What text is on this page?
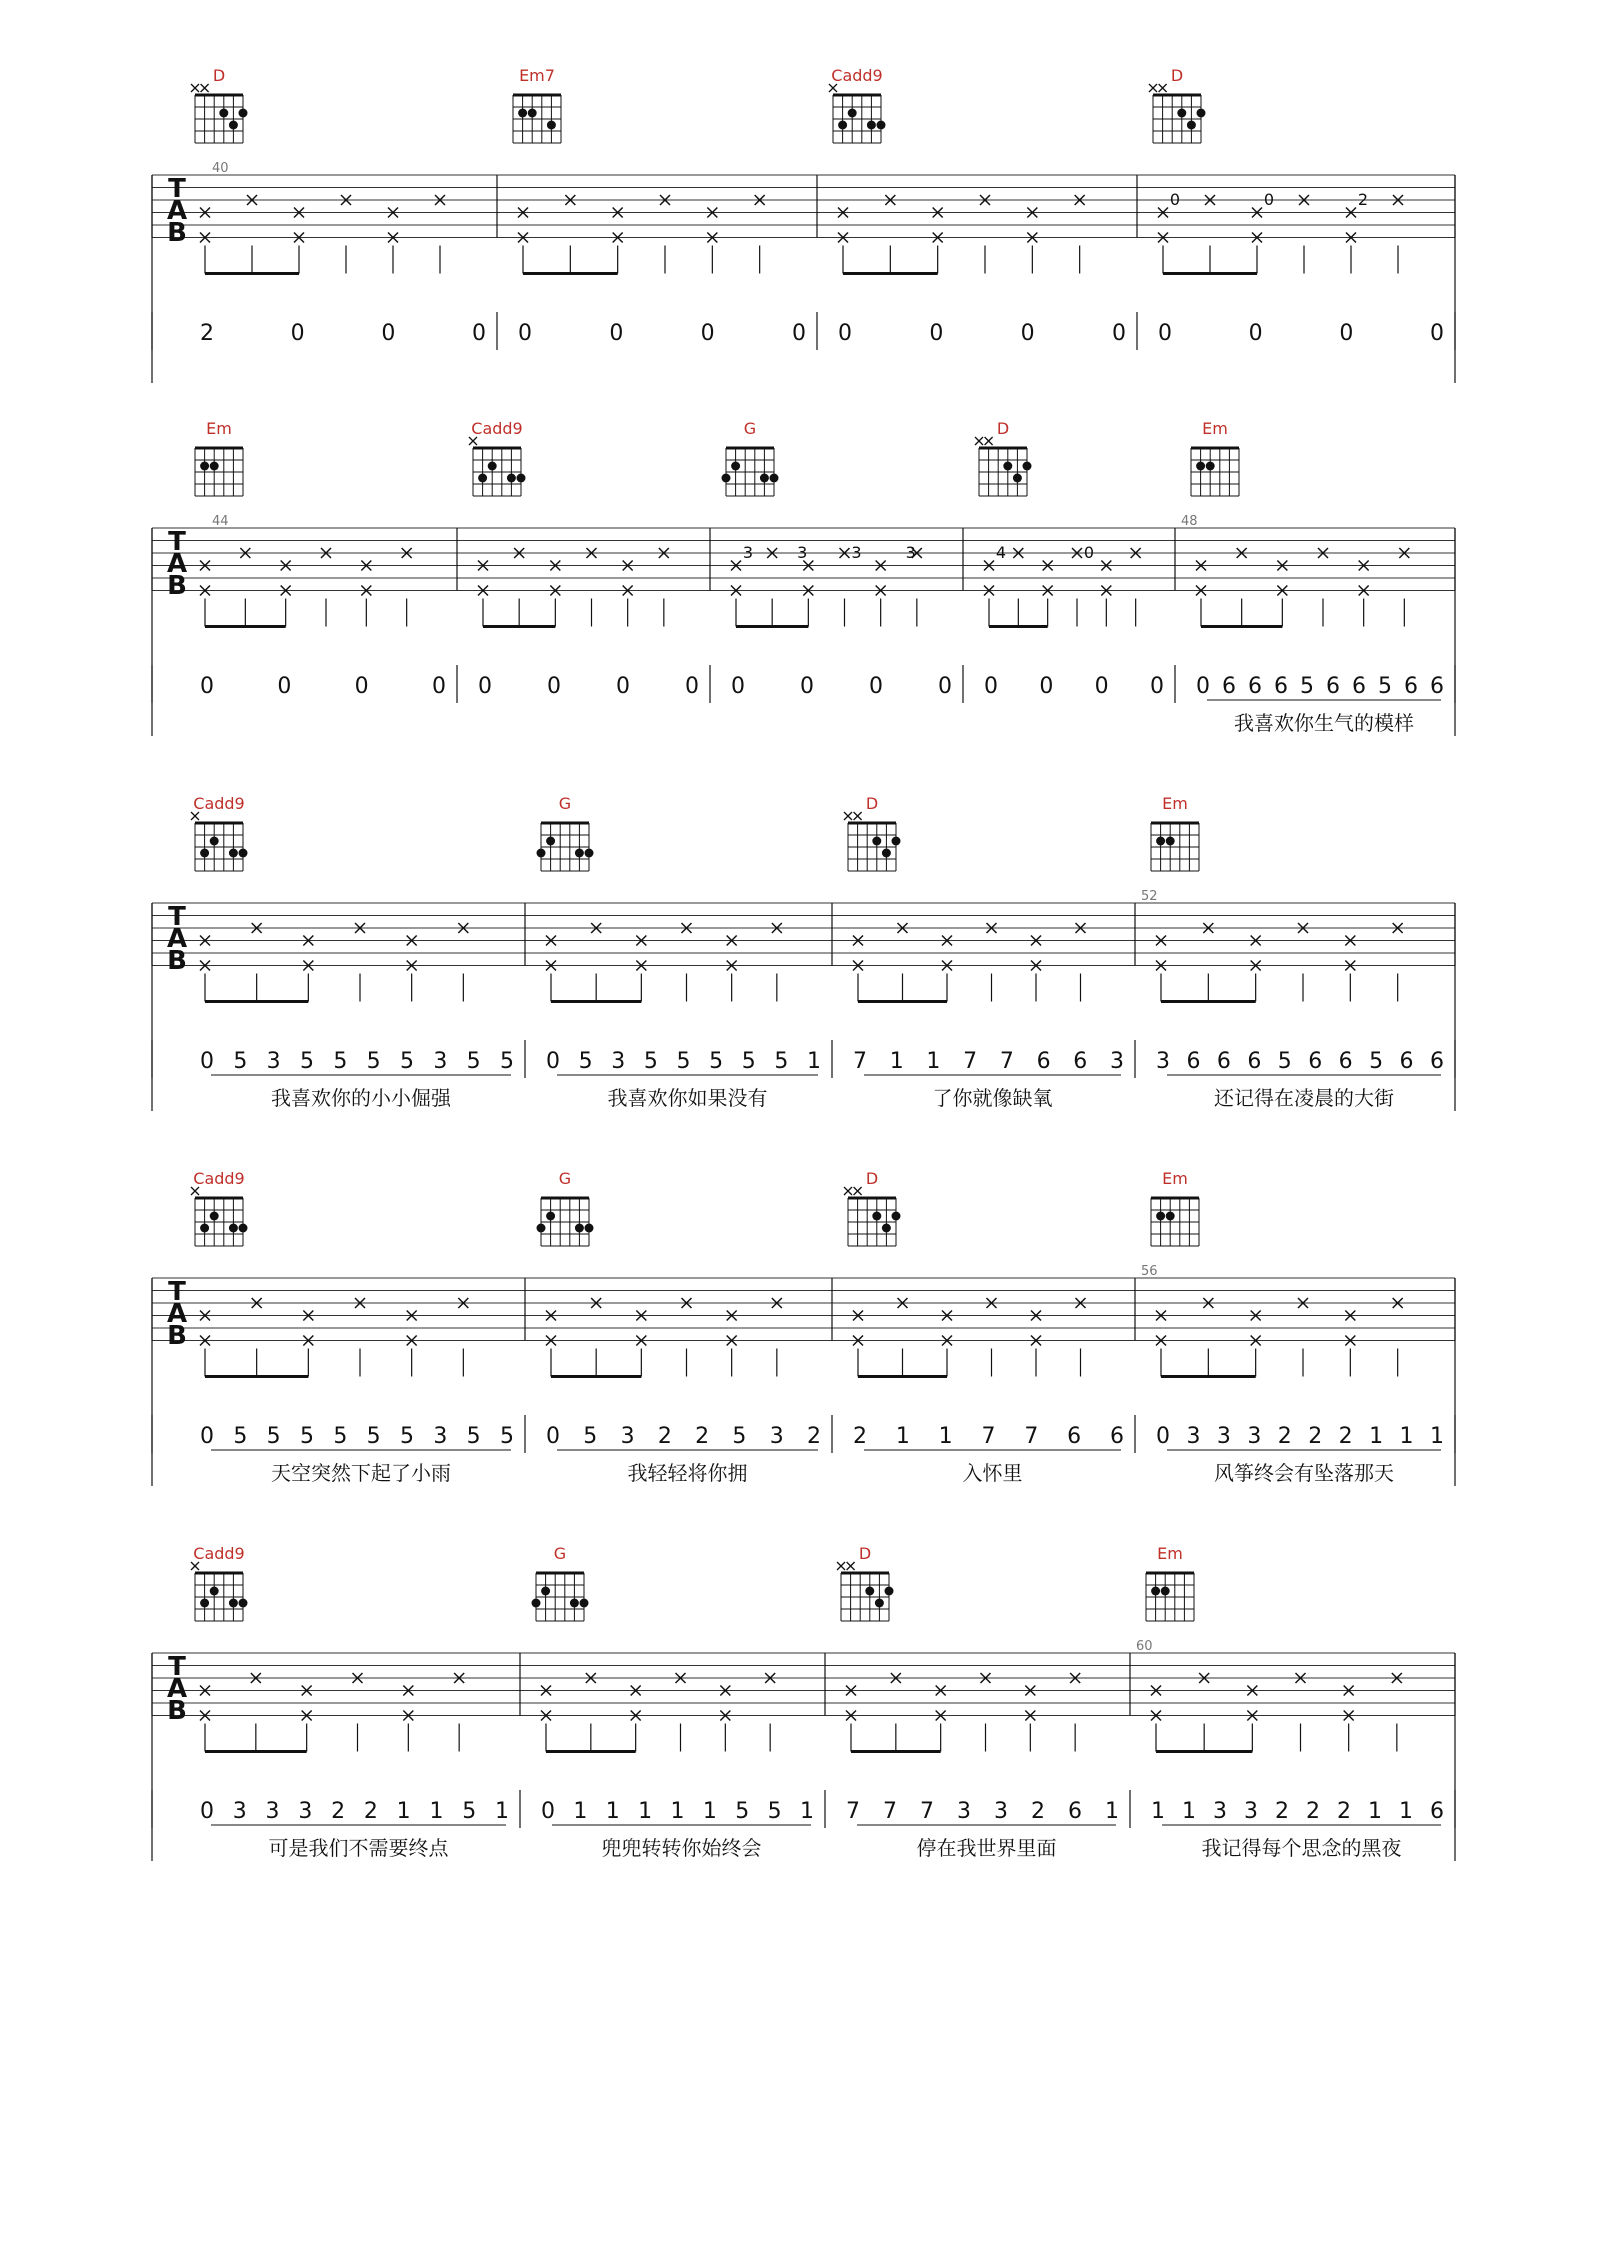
T
A
B
40
D
2	0	0	0
Em7
0	0	0	0
Cadd9
0	0	0	0
D
0	0	2
0	0	0	0
T
A
B
44
Em
0	0	0	0
Cadd9
0	0	0	0
G
3	3	3	3
0	0	0	0
D
4	0
0 0 0 0
Em
48
0 6 6 6 5 6 6 5 6 6
我喜欢你生气的模样
T
A
B
Cadd9
0 5 3 5 5 5 5 3 5 5
我喜欢你的小小倔强
G
0 5 3 5 5 5 5 5 1
我喜欢你如果没有
D
7 1 1 7 7 6 6 3
了你就像缺氧
Em
52
3 6 6 6 5 6 6 5 6 6
还记得在凌晨的大街
T
A
B
Cadd9
0 5 5 5 5 5 5 3 5 5
天空突然下起了小雨
G
0 5 3 2 2 5 3 2
我轻轻将你拥
D
2 1 1 7 7 6 6
入怀里
Em
56
0 3 3 3 2 2 2 1 1 1
风筝终会有坠落那天
T
A
B
Cadd9
0 3 3 3 2 2 1 1 5 1
可是我们不需要终点
G
0 1 1 1 1 1 5 5 1
兜兜转转你始终会
D
7 7 7 3 3 2 6 1
停在我世界里面
Em
60
1 1 3 3 2 2 2 1 1 6
我记得每个思念的黑夜
